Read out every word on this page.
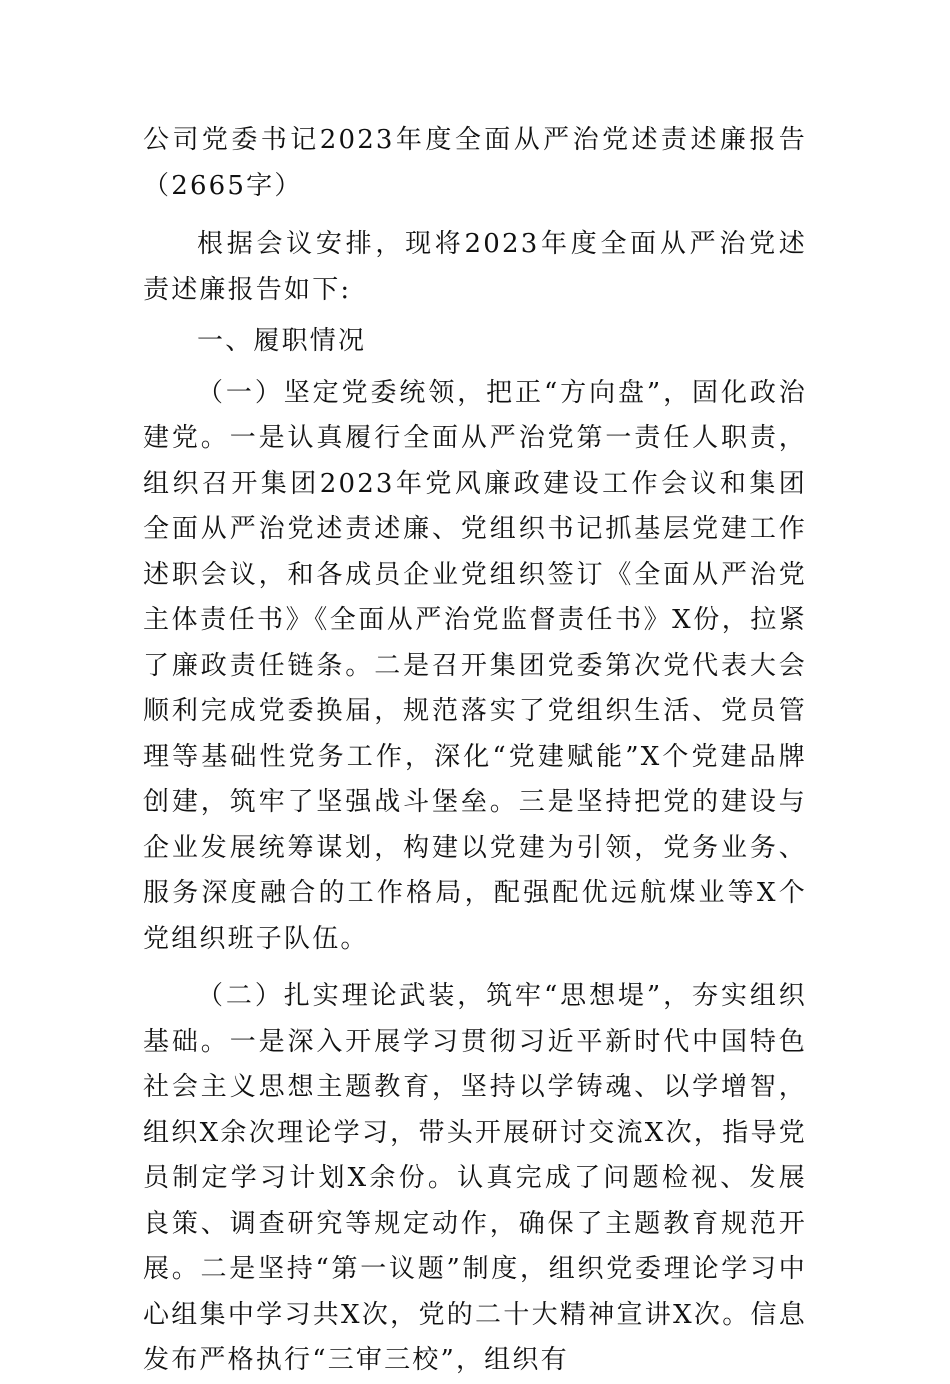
公司党委书记2023年度全面从严治党述责述廉报告（2665字）

根据会议安排，现将2023年度全面从严治党述责述廉报告如下:

一、履职情况

（一）坚定党委统领，把正“方向盘”，固化政治建党。一是认真履行全面从严治党第一责任人职责，组织召开集团2023年党风廉政建设工作会议和集团全面从严治党述责述廉、党组织书记抓基层党建工作述职会议，和各成员企业党组织签订《全面从严治党主体责任书》《全面从严治党监督责任书》X份，拉紧了廉政责任链条。二是召开集团党委第次党代表大会顺利完成党委换届，规范落实了党组织生活、党员管理等基础性党务工作，深化“党建赋能”X个党建品牌创建，筑牢了坚强战斗堡垒。三是坚持把党的建设与企业发展统筹谋划，构建以党建为引领，党务业务、服务深度融合的工作格局，配强配优远航煤业等X个党组织班子队伍。

（二）扎实理论武装，筑牢“思想堤”，夯实组织基础。一是深入开展学习贯彻习近平新时代中国特色社会主义思想主题教育，坚持以学铸魂、以学增智，组织X余次理论学习，带头开展研讨交流X次，指导党员制定学习计划X余份。认真完成了问题检视、发展良策、调查研究等规定动作，确保了主题教育规范开展。二是坚持“第一议题”制度，组织党委理论学习中心组集中学习共X次，党的二十大精神宣讲X次。信息发布严格执行“三审三校”，组织有
